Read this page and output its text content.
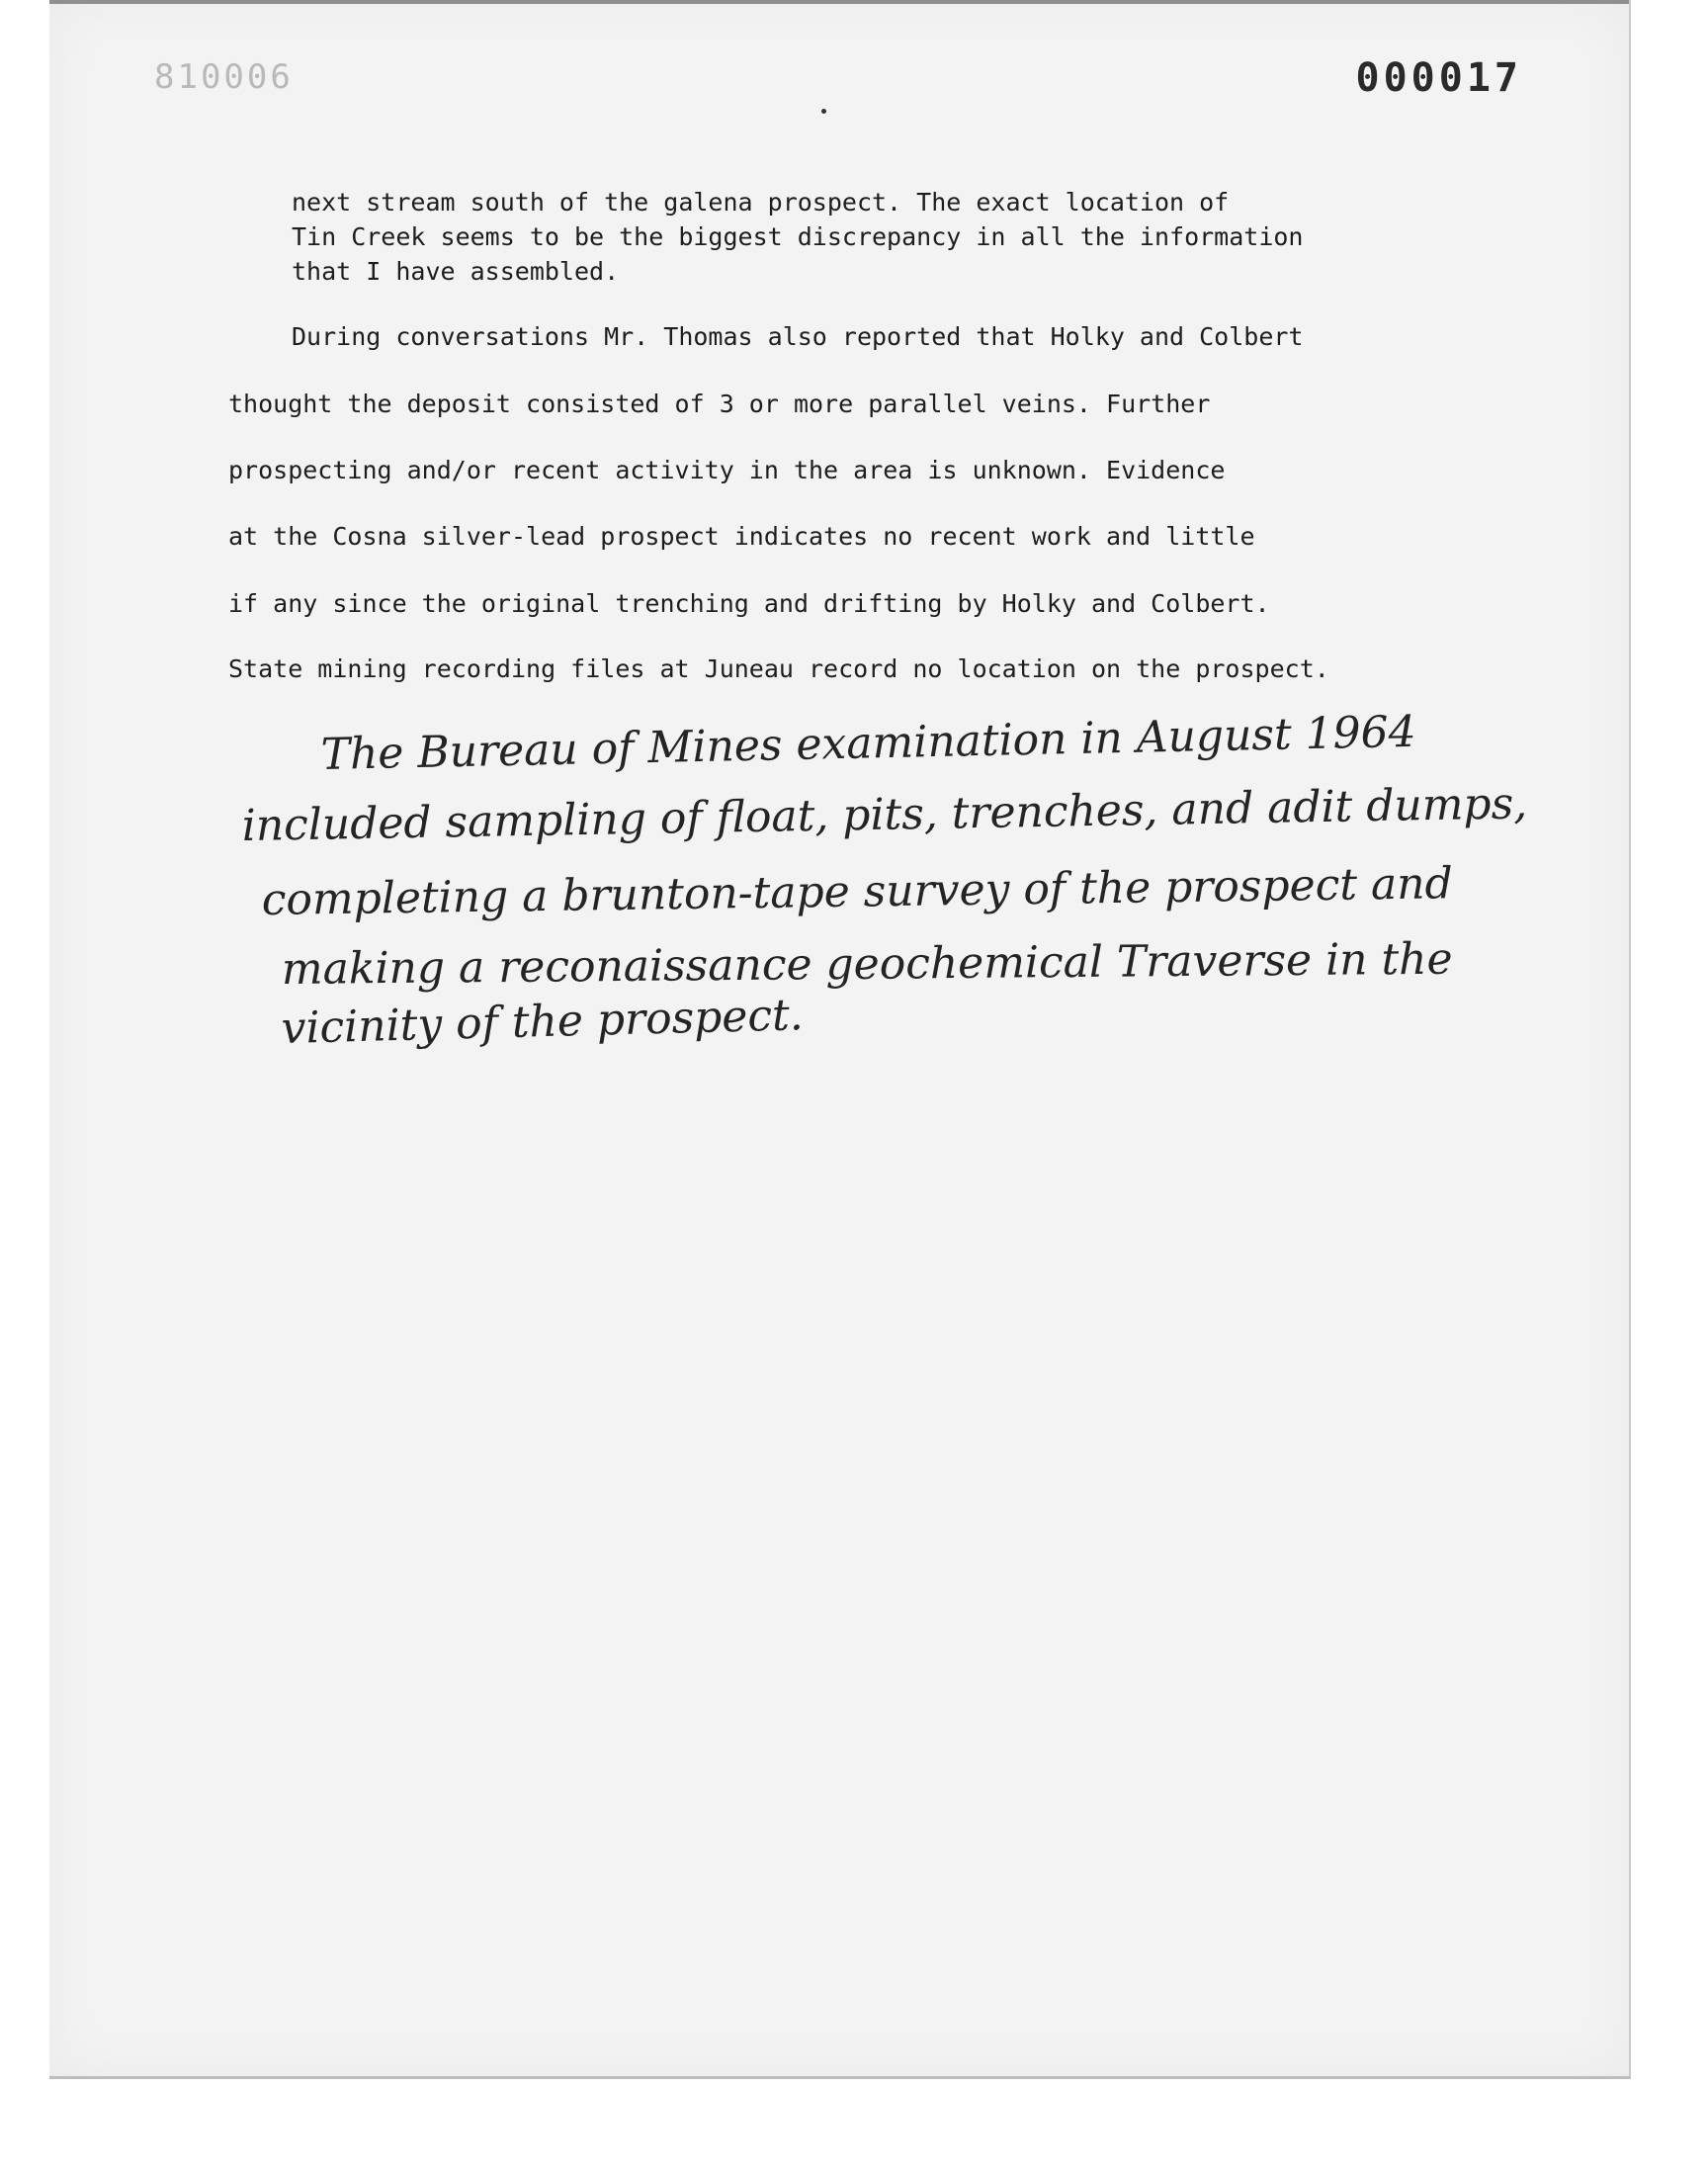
810006	000017
next stream south of the galena prospect. The exact location of
Tin Creek seems to be the biggest discrepancy in all the information
that I have assembled.
During conversations Mr. Thomas also reported that Holky and Colbert
thought the deposit consisted of 3 or more parallel veins. Further
prospecting and/or recent activity in the area is unknown. Evidence
at the Cosna silver-lead prospect indicates no recent work and little
if any since the original trenching and drifting by Holky and Colbert.
State mining recording files at Juneau record no location on the prospect.
The Bureau of Mines examination in August 1964
included sampling of float, pits, trenches, and adit dumps,
completing a brunton-tape survey of the prospect and
making a reconaissance geochemical Traverse in the
vicinity of the prospect.
